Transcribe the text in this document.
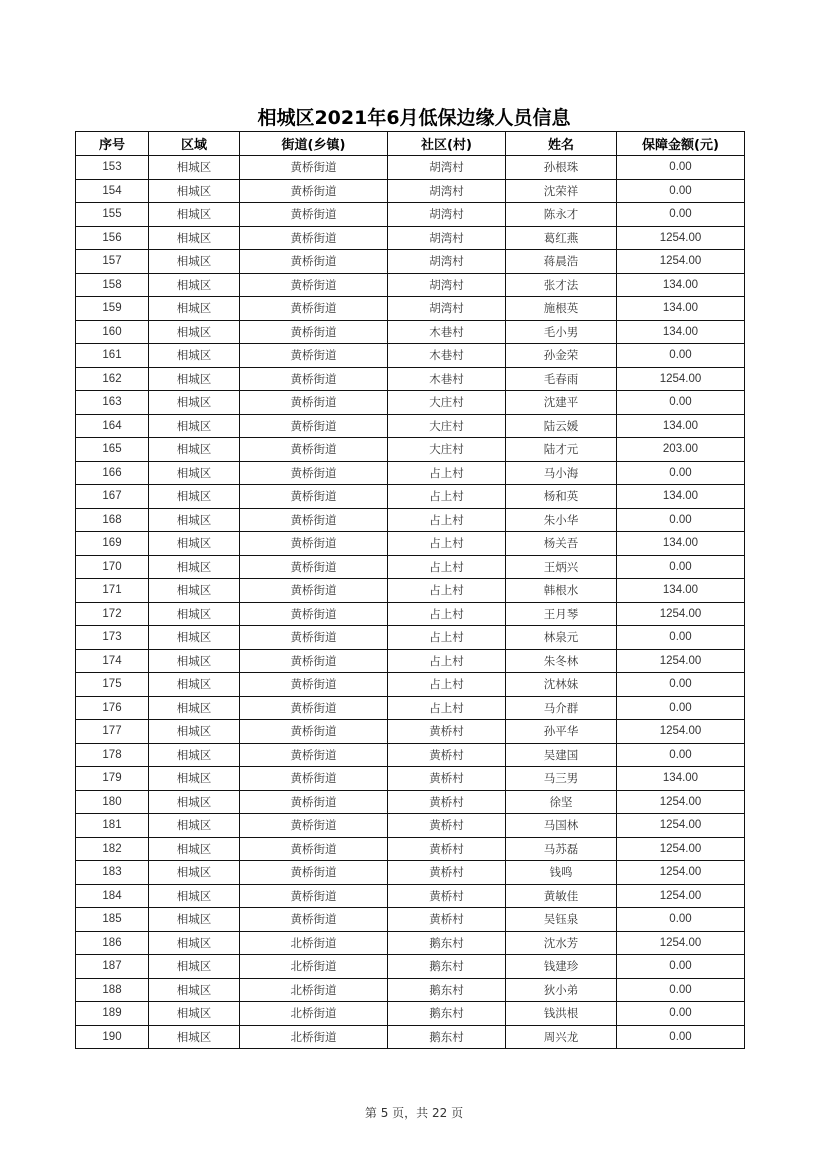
相城区2021年6月低保边缘人员信息
序号	区域	街道(乡镇)	社区(村)	姓名	保障金额(元)
153	相城区	黄桥街道	胡湾村	孙根珠	0.00
154	相城区	黄桥街道	胡湾村	沈荣祥	0.00
155	相城区	黄桥街道	胡湾村	陈永才	0.00
156	相城区	黄桥街道	胡湾村	葛红燕	1254.00
157	相城区	黄桥街道	胡湾村	蒋晨浩	1254.00
158	相城区	黄桥街道	胡湾村	张才法	134.00
159	相城区	黄桥街道	胡湾村	施根英	134.00
160	相城区	黄桥街道	木巷村	毛小男	134.00
161	相城区	黄桥街道	木巷村	孙金荣	0.00
162	相城区	黄桥街道	木巷村	毛春雨	1254.00
163	相城区	黄桥街道	大庄村	沈建平	0.00
164	相城区	黄桥街道	大庄村	陆云媛	134.00
165	相城区	黄桥街道	大庄村	陆才元	203.00
166	相城区	黄桥街道	占上村	马小海	0.00
167	相城区	黄桥街道	占上村	杨和英	134.00
168	相城区	黄桥街道	占上村	朱小华	0.00
169	相城区	黄桥街道	占上村	杨关吾	134.00
170	相城区	黄桥街道	占上村	王炳兴	0.00
171	相城区	黄桥街道	占上村	韩根水	134.00
172	相城区	黄桥街道	占上村	王月琴	1254.00
173	相城区	黄桥街道	占上村	林泉元	0.00
174	相城区	黄桥街道	占上村	朱冬林	1254.00
175	相城区	黄桥街道	占上村	沈林妹	0.00
176	相城区	黄桥街道	占上村	马介群	0.00
177	相城区	黄桥街道	黄桥村	孙平华	1254.00
178	相城区	黄桥街道	黄桥村	吴建国	0.00
179	相城区	黄桥街道	黄桥村	马三男	134.00
180	相城区	黄桥街道	黄桥村	徐坚	1254.00
181	相城区	黄桥街道	黄桥村	马国林	1254.00
182	相城区	黄桥街道	黄桥村	马苏磊	1254.00
183	相城区	黄桥街道	黄桥村	钱鸣	1254.00
184	相城区	黄桥街道	黄桥村	黄敏佳	1254.00
185	相城区	黄桥街道	黄桥村	吴钰泉	0.00
186	相城区	北桥街道	鹅东村	沈水芳	1254.00
187	相城区	北桥街道	鹅东村	钱建珍	0.00
188	相城区	北桥街道	鹅东村	狄小弟	0.00
189	相城区	北桥街道	鹅东村	钱洪根	0.00
190	相城区	北桥街道	鹅东村	周兴龙	0.00
第 5 页，共 22 页
